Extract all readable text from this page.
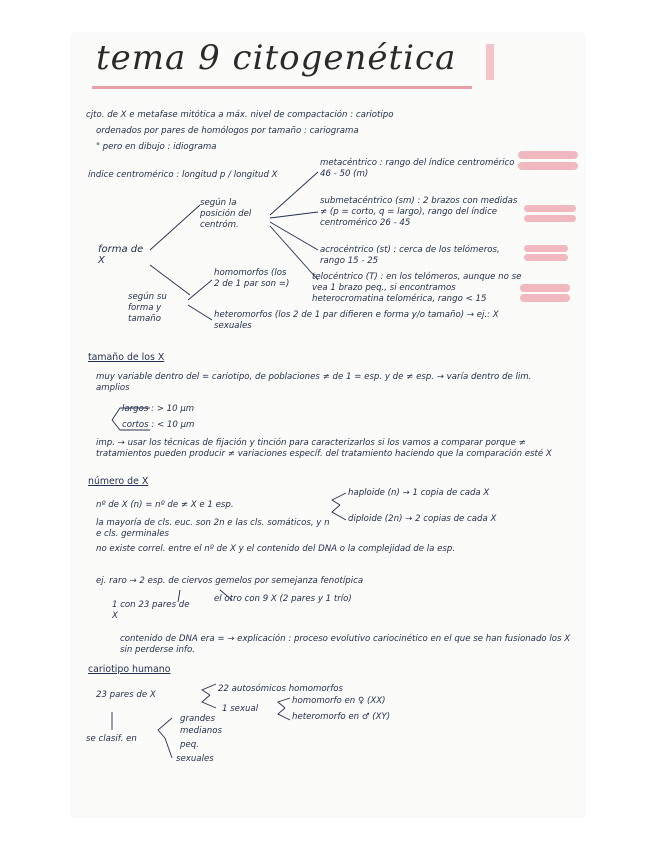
tema 9 citogenética
cjto. de X e metafase mitótica a máx. nivel de compactación : cariotipo
ordenados por pares de homólogos por tamaño : cariograma
" pero en dibujo : idiograma
índice centromérico : longitud p / longitud X
metacéntrico : rango del índice centromérico 46 - 50 (m)
submetacéntrico (sm) : 2 brazos con medidas ≠ (p = corto, q = largo), rango del índice centromérico 26 - 45
acrocéntrico (st) : cerca de los telómeros, rango 15 - 25
telocéntrico (T) : en los telómeros, aunque no se vea 1 brazo peq., si encontramos heterocromatina telomérica, rango < 15
según la posición del centróm.
forma de X
según su forma y tamaño
homomorfos (los 2 de 1 par son =)
heteromorfos (los 2 de 1 par difieren e forma y/o tamaño) → ej.: X sexuales
tamaño de los X
muy variable dentro del = cariotipo, de poblaciones ≠ de 1 = esp. y de ≠ esp. → varía dentro de lim. amplios
largos : > 10 µm
cortos : < 10 µm
imp. → usar los técnicas de fijación y tinción para caracterizarlos si los vamos a comparar porque ≠ tratamientos pueden producir ≠ variaciones específ. del tratamiento haciendo que la comparación esté X
número de X
nº de X (n) = nº de ≠ X e 1 esp.
haploide (n) → 1 copia de cada X
diploide (2n) → 2 copias de cada X
la mayoría de cls. euc. son 2n e las cls. somáticos, y n e cls. germinales
no existe correl. entre el nº de X y el contenido del DNA o la complejidad de la esp.
ej. raro → 2 esp. de ciervos gemelos por semejanza fenotípica
1 con 23 pares de X
el otro con 9 X (2 pares y 1 trío)
contenido de DNA era = → explicación : proceso evolutivo cariocinético en el que se han fusionado los X sin perderse info.
cariotipo humano
23 pares de X
22 autosómicos homomorfos
1 sexual
homomorfo en ♀ (XX)
heteromorfo en ♂ (XY)
se clasif. en
grandes
medianos
peq.
sexuales
